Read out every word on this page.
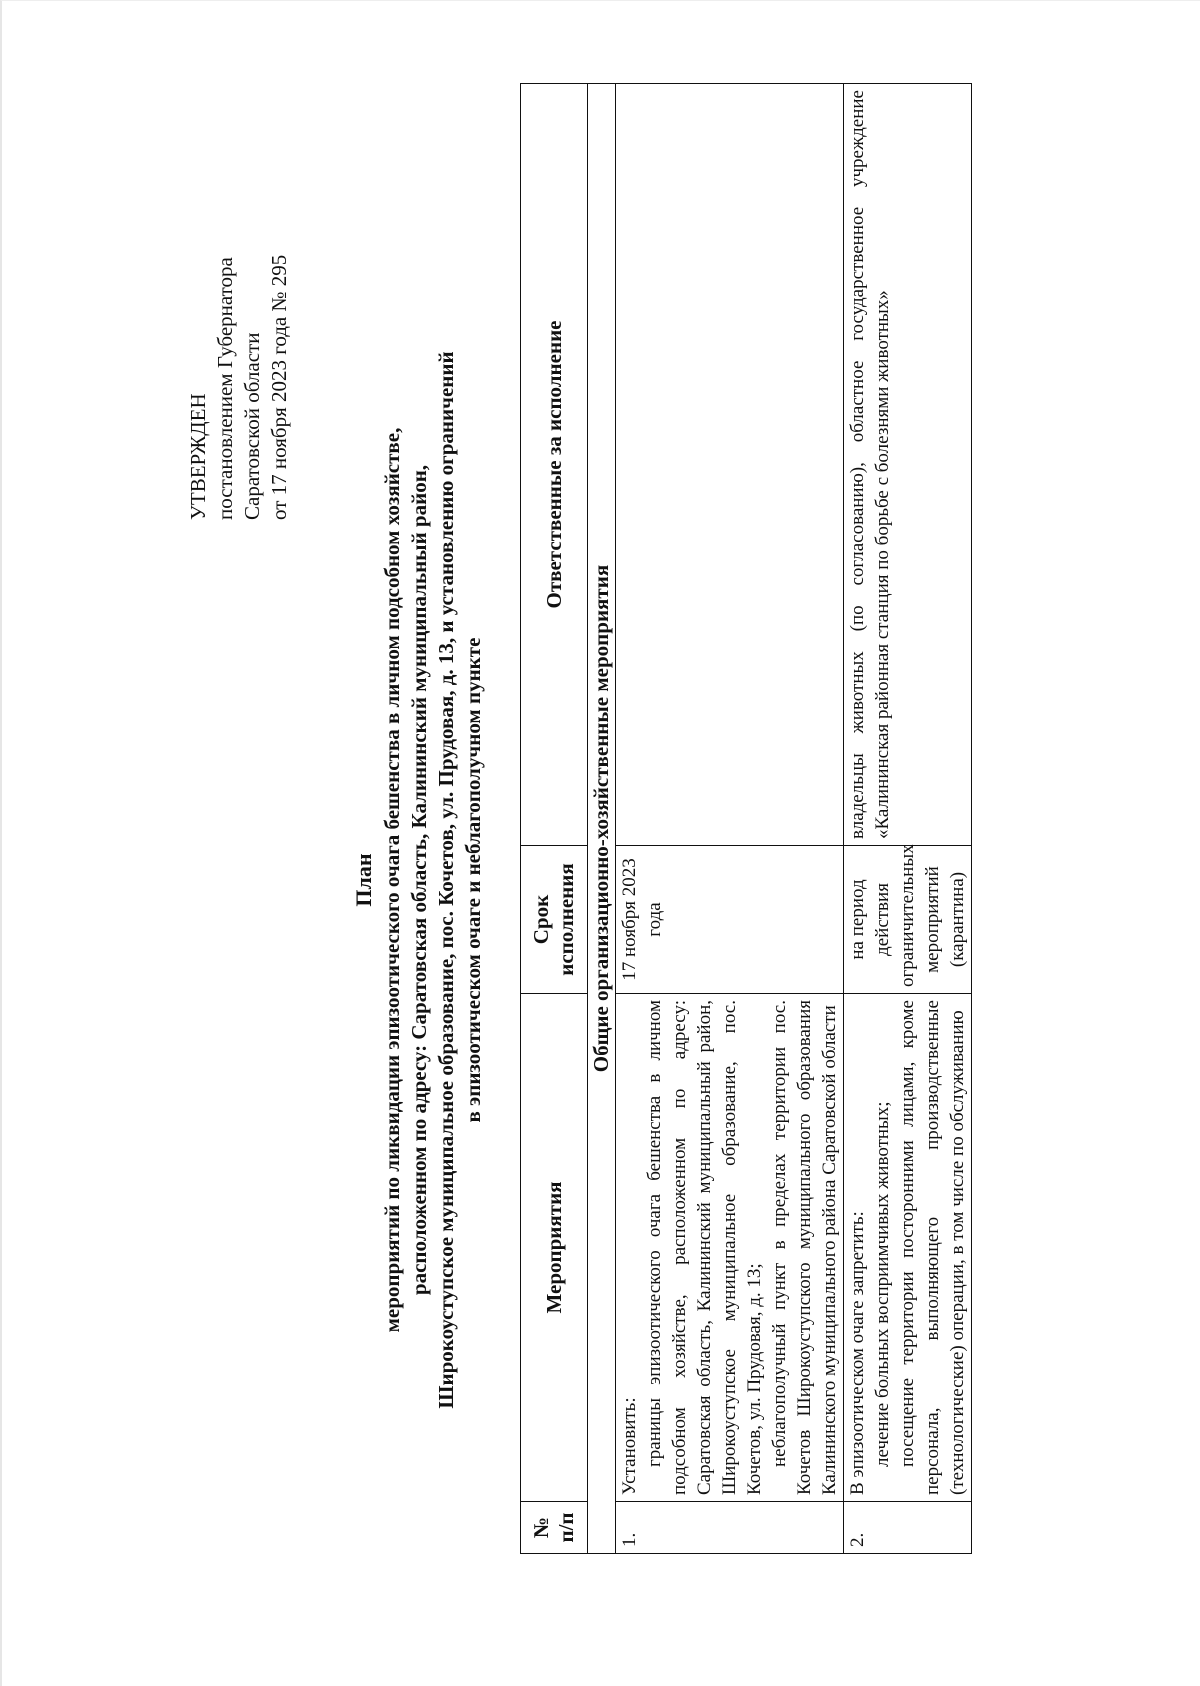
УТВЕРЖДЕН постановлением Губернатора Саратовской области от 17 ноября 2023 года № 295
План мероприятий по ликвидации эпизоотического очага бешенства в личном подсобном хозяйстве, расположенном по адресу: Саратовская область, Калининский муниципальный район, Широкоуступское муниципальное образование, пос. Кочетов, ул. Прудовая, д. 13, и установлению ограничений в эпизоотическом очаге и неблагополучном пункте
№ п/п	Мероприятия	Срок исполнения	Ответственные за исполнение
Общие организационно-хозяйственные мероприятия			
1.	Установить: границы эпизоотического очага бешенства в личном подсобном хозяйстве, расположенном по адресу: Саратовская область, Калининский муниципальный район, Широкоуступское муниципальное образование, пос. Кочетов, ул. Прудовая, д. 13; неблагополучный пункт в пределах территории пос. Кочетов Широкоуступского муниципального образования Калининского муниципального района Саратовской области	17 ноября 2023 года	
2.	В эпизоотическом очаге запретить: лечение больных восприимчивых животных; посещение территории посторонними лицами, кроме персонала, выполняющего производственные (технологические) операции, в том числе по обслуживанию	на период действия ограничительных мероприятий (карантина)	владельцы животных (по согласованию), областное государственное учреждение «Калининская районная станция по борьбе с болезнями животных»
